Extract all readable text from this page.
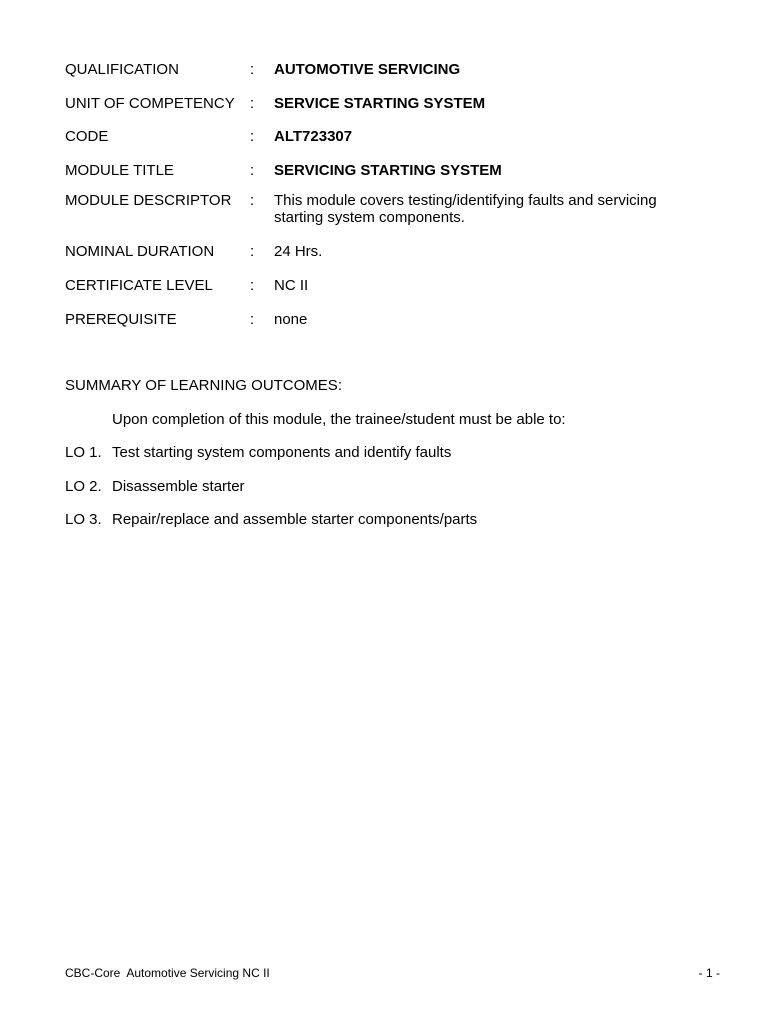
QUALIFICATION	: AUTOMOTIVE SERVICING
UNIT OF COMPETENCY : SERVICE STARTING SYSTEM
CODE	: ALT723307
MODULE TITLE	: SERVICING STARTING SYSTEM
MODULE DESCRIPTOR : This module covers testing/identifying faults and servicing starting system components.
NOMINAL DURATION : 24 Hrs.
CERTIFICATE LEVEL : NC II
PREREQUISITE	: none
SUMMARY OF LEARNING OUTCOMES:
Upon completion of this module, the trainee/student must be able to:
LO 1. Test starting system components and identify faults
LO 2. Disassemble starter
LO 3. Repair/replace and assemble starter components/parts
CBC-Core  Automotive Servicing NC II	- 1 -
